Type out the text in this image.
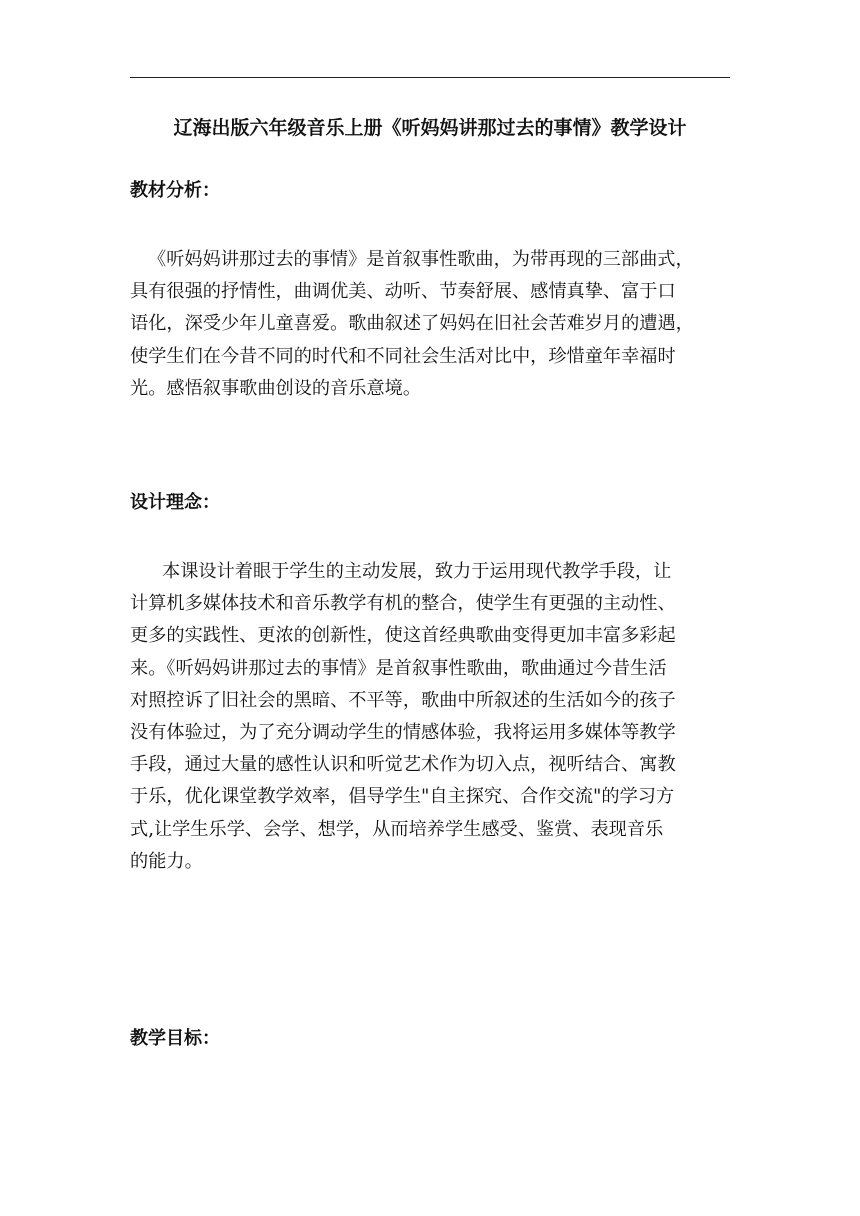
辽海出版六年级音乐上册《听妈妈讲那过去的事情》教学设计
教材分析：
《听妈妈讲那过去的事情》是首叙事性歌曲，为带再现的三部曲式，
具有很强的抒情性，曲调优美、动听、节奏舒展、感情真挚、富于口
语化，深受少年儿童喜爱。歌曲叙述了妈妈在旧社会苦难岁月的遭遇，
使学生们在今昔不同的时代和不同社会生活对比中，珍惜童年幸福时
光。感悟叙事歌曲创设的音乐意境。
设计理念：
本课设计着眼于学生的主动发展，致力于运用现代教学手段，让
计算机多媒体技术和音乐教学有机的整合，使学生有更强的主动性、
更多的实践性、更浓的创新性，使这首经典歌曲变得更加丰富多彩起
来。《听妈妈讲那过去的事情》是首叙事性歌曲，歌曲通过今昔生活
对照控诉了旧社会的黑暗、不平等，歌曲中所叙述的生活如今的孩子
没有体验过，为了充分调动学生的情感体验，我将运用多媒体等教学
手段，通过大量的感性认识和听觉艺术作为切入点，视听结合、寓教
于乐，优化课堂教学效率，倡导学生"自主探究、合作交流"的学习方
式,让学生乐学、会学、想学，从而培养学生感受、鉴赏、表现音乐
的能力。
教学目标：
